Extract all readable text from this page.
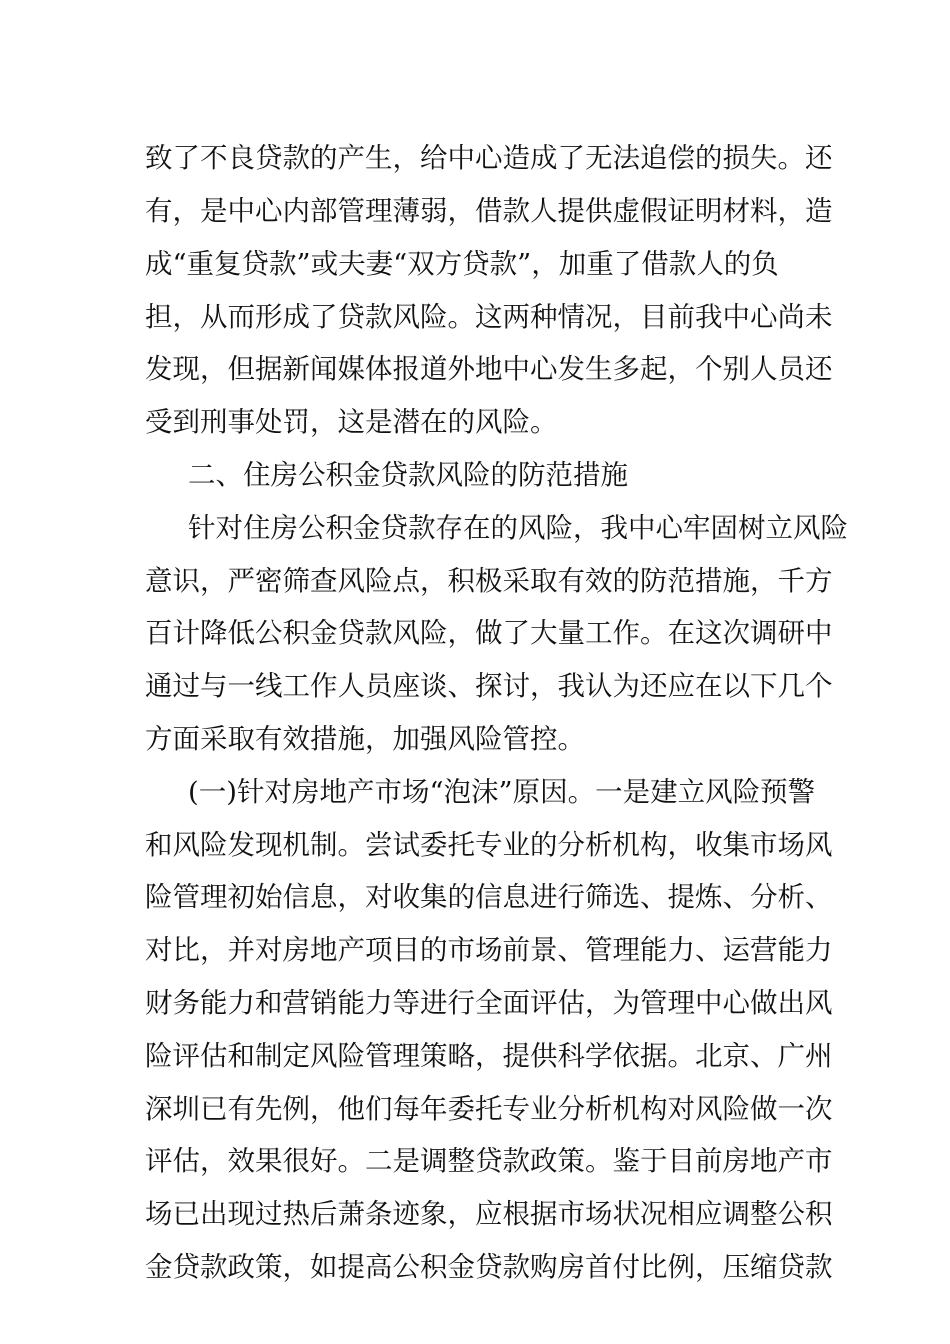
致了不良贷款的产生，给中心造成了无法追偿的损失。还
有，是中心内部管理薄弱，借款人提供虚假证明材料，造
成“重复贷款”或夫妻“双方贷款”，加重了借款人的负
担，从而形成了贷款风险。这两种情况，目前我中心尚未
发现，但据新闻媒体报道外地中心发生多起，个别人员还
受到刑事处罚，这是潜在的风险。
二、住房公积金贷款风险的防范措施
针对住房公积金贷款存在的风险，我中心牢固树立风险
意识，严密筛查风险点，积极采取有效的防范措施，千方
百计降低公积金贷款风险，做了大量工作。在这次调研中
通过与一线工作人员座谈、探讨，我认为还应在以下几个
方面采取有效措施，加强风险管控。
(一)针对房地产市场“泡沫”原因。一是建立风险预警
和风险发现机制。尝试委托专业的分析机构，收集市场风
险管理初始信息，对收集的信息进行筛选、提炼、分析、
对比，并对房地产项目的市场前景、管理能力、运营能力
财务能力和营销能力等进行全面评估，为管理中心做出风
险评估和制定风险管理策略，提供科学依据。北京、广州
深圳已有先例，他们每年委托专业分析机构对风险做一次
评估，效果很好。二是调整贷款政策。鉴于目前房地产市
场已出现过热后萧条迹象，应根据市场状况相应调整公积
金贷款政策，如提高公积金贷款购房首付比例，压缩贷款
